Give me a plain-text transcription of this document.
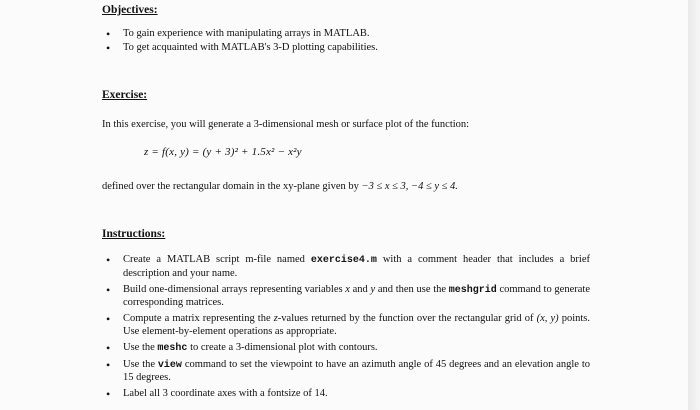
Objectives:
• To gain experience with manipulating arrays in MATLAB.
• To get acquainted with MATLAB's 3-D plotting capabilities.
Exercise:
In this exercise, you will generate a 3-dimensional mesh or surface plot of the function:
z = f(x, y) = (y + 3)² + 1.5x² − x²y
defined over the rectangular domain in the xy-plane given by −3 ≤ x ≤ 3, −4 ≤ y ≤ 4.
Instructions:
• Create a MATLAB script m-file named exercise4.m with a comment header that includes a brief description and your name.
• Build one-dimensional arrays representing variables x and y and then use the meshgrid command to generate corresponding matrices.
• Compute a matrix representing the z-values returned by the function over the rectangular grid of (x, y) points. Use element-by-element operations as appropriate.
• Use the meshc to create a 3-dimensional plot with contours.
• Use the view command to set the viewpoint to have an azimuth angle of 45 degrees and an elevation angle to 15 degrees.
• Label all 3 coordinate axes with a fontsize of 14.
